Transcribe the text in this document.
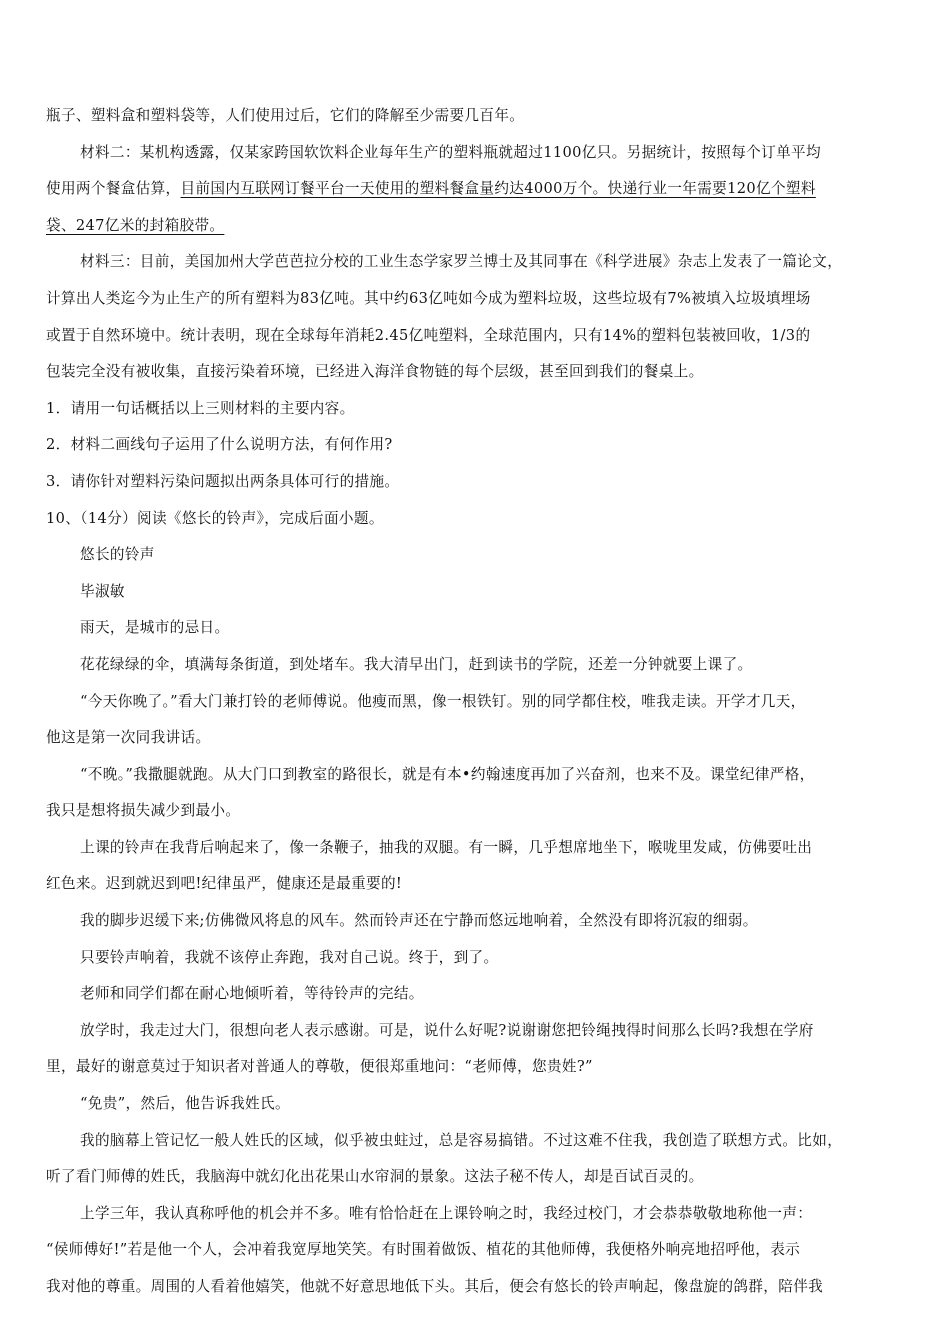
瓶子、塑料盒和塑料袋等，人们使用过后，它们的降解至少需要几百年。
材料二：某机构透露，仅某家跨国软饮料企业每年生产的塑料瓶就超过1100亿只。另据统计，按照每个订单平均
使用两个餐盒估算，目前国内互联网订餐平台一天使用的塑料餐盒量约达4000万个。快递行业一年需要120亿个塑料
袋、247亿米的封箱胶带。
材料三：目前，美国加州大学芭芭拉分校的工业生态学家罗兰博士及其同事在《科学进展》杂志上发表了一篇论文，
计算出人类迄今为止生产的所有塑料为83亿吨。其中约63亿吨如今成为塑料垃圾，这些垃圾有7%被填入垃圾填埋场
或置于自然环境中。统计表明，现在全球每年消耗2.45亿吨塑料，全球范围内，只有14%的塑料包装被回收，1/3的
包装完全没有被收集，直接污染着环境，已经进入海洋食物链的每个层级，甚至回到我们的餐桌上。
1．请用一句话概括以上三则材料的主要内容。
2．材料二画线句子运用了什么说明方法，有何作用?
3．请你针对塑料污染问题拟出两条具体可行的措施。
10、（14分）阅读《悠长的铃声》，完成后面小题。
悠长的铃声
毕淑敏
雨天，是城市的忌日。
花花绿绿的伞，填满每条街道，到处堵车。我大清早出门，赶到读书的学院，还差一分钟就要上课了。
“今天你晚了。”看大门兼打铃的老师傅说。他瘦而黑，像一根铁钉。别的同学都住校，唯我走读。开学才几天，
他这是第一次同我讲话。
“不晚。”我撒腿就跑。从大门口到教室的路很长，就是有本•约翰速度再加了兴奋剂，也来不及。课堂纪律严格，
我只是想将损失减少到最小。
上课的铃声在我背后响起来了，像一条鞭子，抽我的双腿。有一瞬，几乎想席地坐下，喉咙里发咸，仿佛要吐出
红色来。迟到就迟到吧!纪律虽严，健康还是最重要的!
我的脚步迟缓下来;仿佛微风将息的风车。然而铃声还在宁静而悠远地响着，全然没有即将沉寂的细弱。
只要铃声响着，我就不该停止奔跑，我对自己说。终于，到了。
老师和同学们都在耐心地倾听着，等待铃声的完结。
放学时，我走过大门，很想向老人表示感谢。可是，说什么好呢?说谢谢您把铃绳拽得时间那么长吗?我想在学府
里，最好的谢意莫过于知识者对普通人的尊敬，便很郑重地问：“老师傅，您贵姓?”
“免贵”，然后，他告诉我姓氏。
我的脑幕上管记忆一般人姓氏的区域，似乎被虫蛀过，总是容易搞错。不过这难不住我，我创造了联想方式。比如，
听了看门师傅的姓氏，我脑海中就幻化出花果山水帘洞的景象。这法子秘不传人，却是百试百灵的。
上学三年，我认真称呼他的机会并不多。唯有恰恰赶在上课铃响之时，我经过校门，才会恭恭敬敬地称他一声：
“侯师傅好!”若是他一个人，会冲着我宽厚地笑笑。有时围着做饭、植花的其他师傅，我便格外响亮地招呼他，表示
我对他的尊重。周围的人看着他嬉笑，他就不好意思地低下头。其后，便会有悠长的铃声响起，像盘旋的鸽群，陪伴我
